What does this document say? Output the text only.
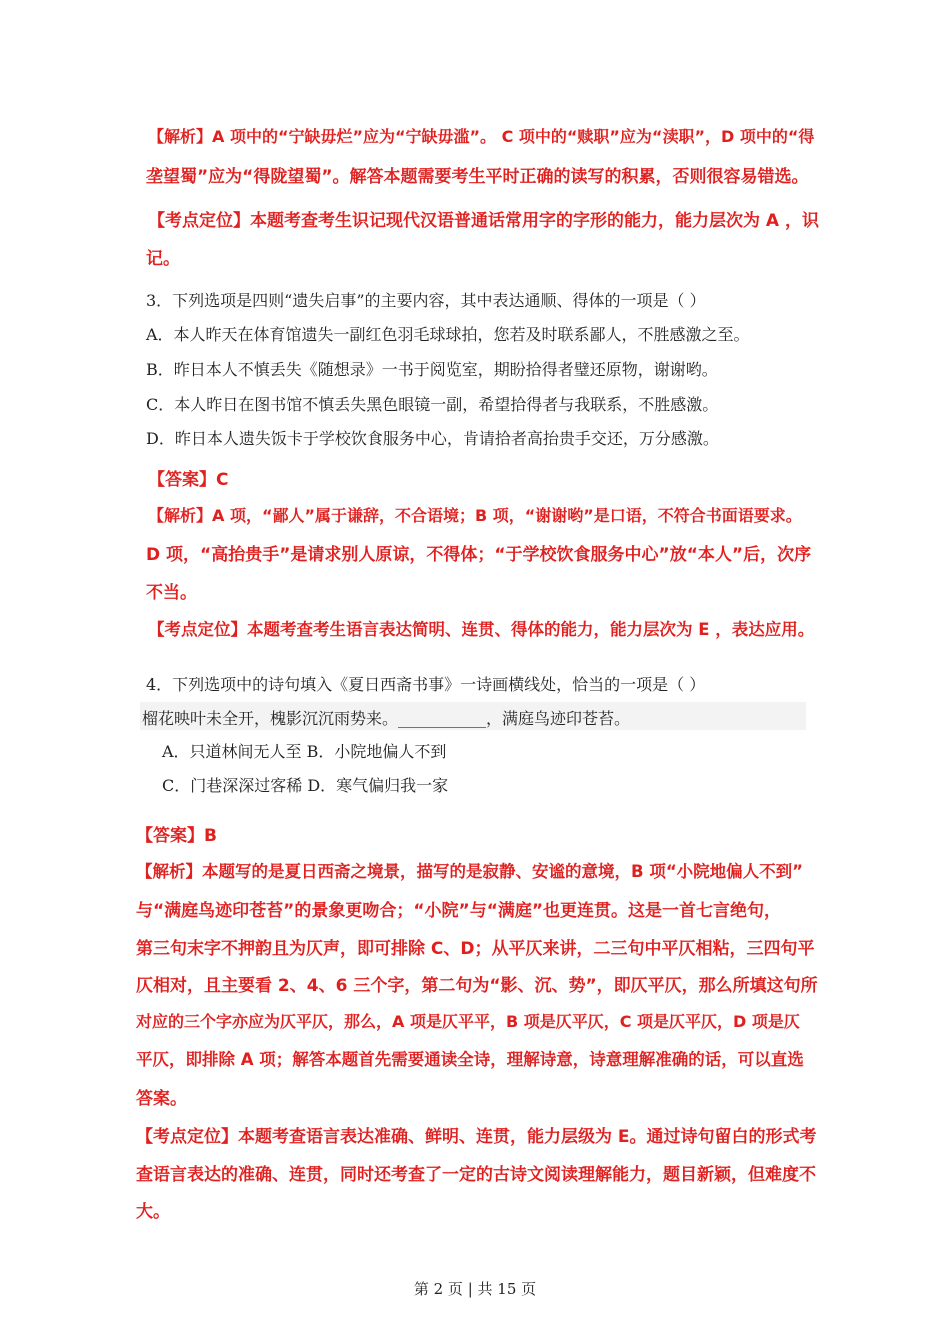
【解析】A 项中的“宁缺毋烂”应为“宁缺毋滥”。 C 项中的“赎职”应为“渎职”，D 项中的“得
垄望蜀”应为“得陇望蜀”。解答本题需要考生平时正确的读写的积累，否则很容易错选。
【考点定位】本题考查考生识记现代汉语普通话常用字的字形的能力，能力层次为 A ，识
记。
3．下列选项是四则“遗失启事”的主要内容，其中表达通顺、得体的一项是（ ）
A．本人昨天在体育馆遗失一副红色羽毛球球拍，您若及时联系鄙人，不胜感激之至。
B．昨日本人不慎丢失《随想录》一书于阅览室，期盼拾得者璧还原物，谢谢哟。
C．本人昨日在图书馆不慎丢失黑色眼镜一副，希望拾得者与我联系，不胜感激。
D．昨日本人遗失饭卡于学校饮食服务中心，肯请拾者高抬贵手交还，万分感激。
【答案】C
【解析】A 项，“鄙人”属于谦辞，不合语境；B 项，“谢谢哟”是口语，不符合书面语要求。
D 项，“高抬贵手”是请求别人原谅，不得体；“于学校饮食服务中心”放“本人”后，次序
不当。
【考点定位】本题考查考生语言表达简明、连贯、得体的能力，能力层次为 E ，表达应用。
4．下列选项中的诗句填入《夏日西斋书事》一诗画横线处，恰当的一项是（ ）
榴花映叶未全开，槐影沉沉雨势来。___________，满庭鸟迹印苍苔。
A．只道林间无人至 B．小院地偏人不到
C．门巷深深过客稀 D．寒气偏归我一家
【答案】B
【解析】本题写的是夏日西斋之境景，描写的是寂静、安谧的意境，B 项“小院地偏人不到”
与“满庭鸟迹印苍苔”的景象更吻合；“小院”与“满庭”也更连贯。这是一首七言绝句，
第三句末字不押韵且为仄声，即可排除 C、D；从平仄来讲，二三句中平仄相粘，三四句平
仄相对，且主要看 2、4、6 三个字，第二句为“影、沉、势”，即仄平仄，那么所填这句所
对应的三个字亦应为仄平仄，那么，A 项是仄平平，B 项是仄平仄，C 项是仄平仄，D 项是仄
平仄，即排除 A 项；解答本题首先需要通读全诗，理解诗意，诗意理解准确的话，可以直选
答案。
【考点定位】本题考查语言表达准确、鲜明、连贯，能力层级为 E。通过诗句留白的形式考
查语言表达的准确、连贯，同时还考查了一定的古诗文阅读理解能力，题目新颖，但难度不
大。
第 2 页 | 共 15 页
